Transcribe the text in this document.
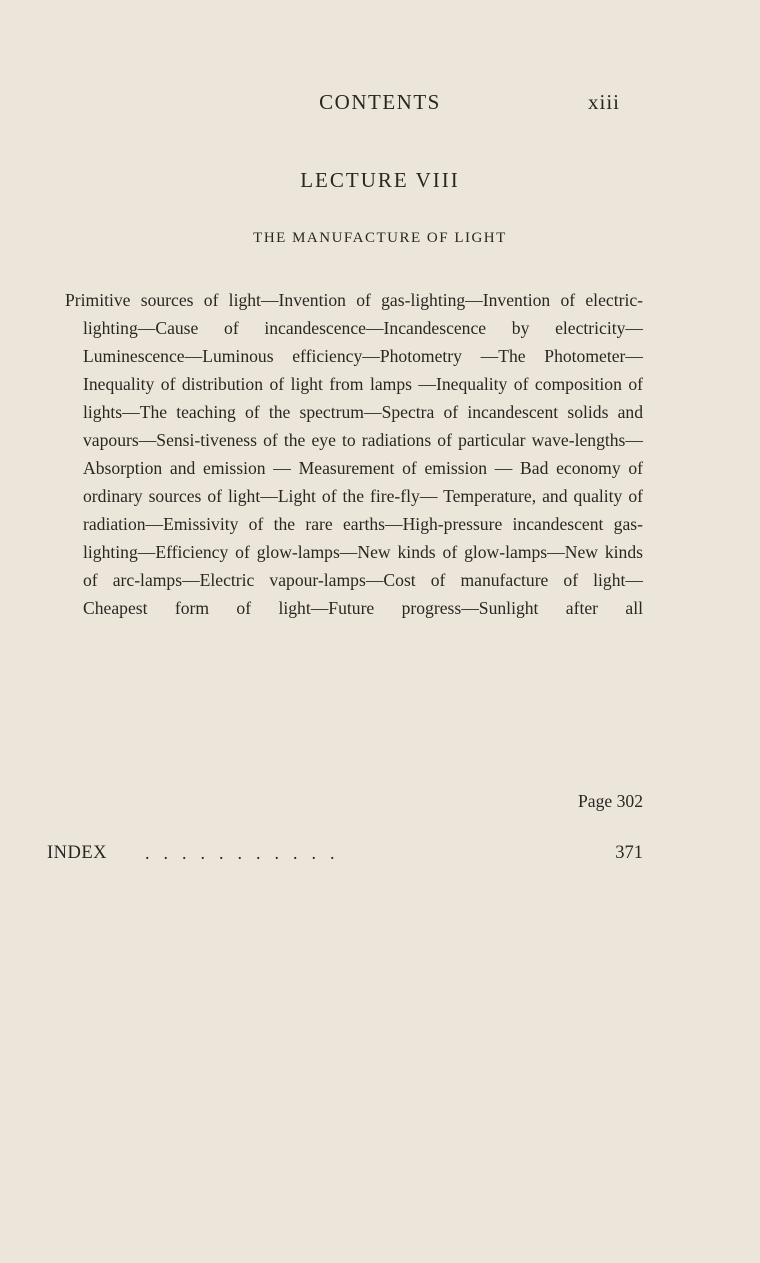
CONTENTS	xiii
LECTURE VIII
THE MANUFACTURE OF LIGHT

Primitive sources of light—Invention of gas-lighting—Invention of electric-lighting—Cause of incandescence—Incandescence by electricity—Luminescence—Luminous efficiency—Photometry —The Photometer—Inequality of distribution of light from lamps —Inequality of composition of lights—The teaching of the spectrum—Spectra of incandescent solids and vapours—Sensi-tiveness of the eye to radiations of particular wave-lengths— Absorption and emission — Measurement of emission — Bad economy of ordinary sources of light—Light of the fire-fly— Temperature, and quality of radiation—Emissivity of the rare earths—High-pressure incandescent gas-lighting—Efficiency of glow-lamps—New kinds of glow-lamps—New kinds of arc-lamps—Electric vapour-lamps—Cost of manufacture of light— Cheapest form of light—Future progress—Sunlight after all

Page 302
INDEX ...........	371
